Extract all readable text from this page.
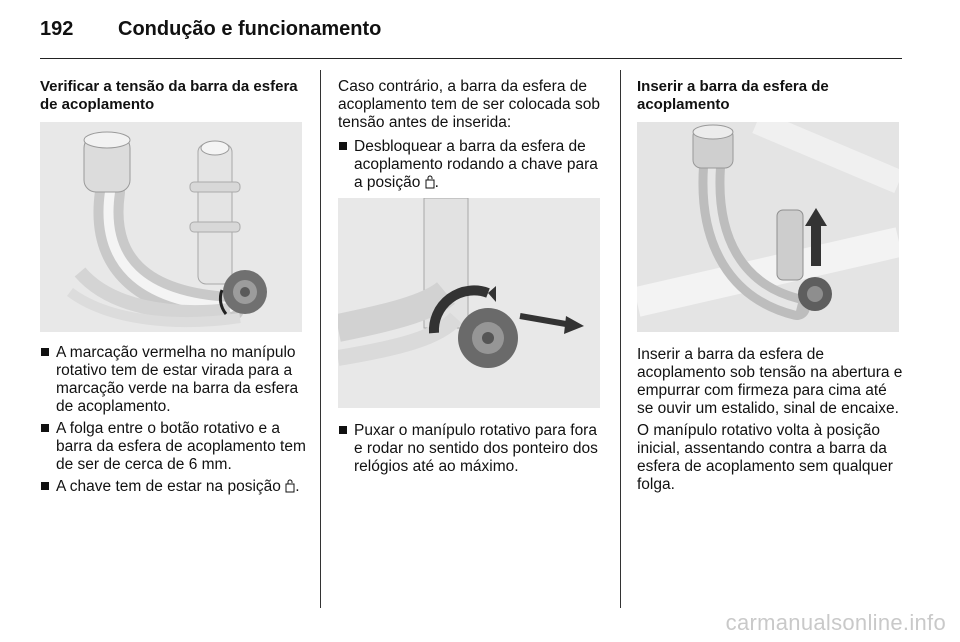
192	Condução e funcionamento
Verificar a tensão da barra da esfera de acoplamento
A marcação vermelha no manípulo rotativo tem de estar virada para a marcação verde na barra da esfera de acoplamento.
A folga entre o botão rotativo e a barra da esfera de acoplamento tem de ser de cerca de 6 mm.
A chave tem de estar na posição .

Caso contrário, a barra da esfera de acoplamento tem de ser colocada sob tensão antes de inserida:

Desbloquear a barra da esfera de acoplamento rodando a chave para a posição .
Puxar o manípulo rotativo para fora e rodar no sentido dos ponteiro dos relógios até ao máximo.
Inserir a barra da esfera de acoplamento

Inserir a barra da esfera de acoplamento sob tensão na abertura e empurrar com firmeza para cima até se ouvir um estalido, sinal de encaixe.

O manípulo rotativo volta à posição inicial, assentando contra a barra da esfera de acoplamento sem qualquer folga.

carmanualsonline.info
